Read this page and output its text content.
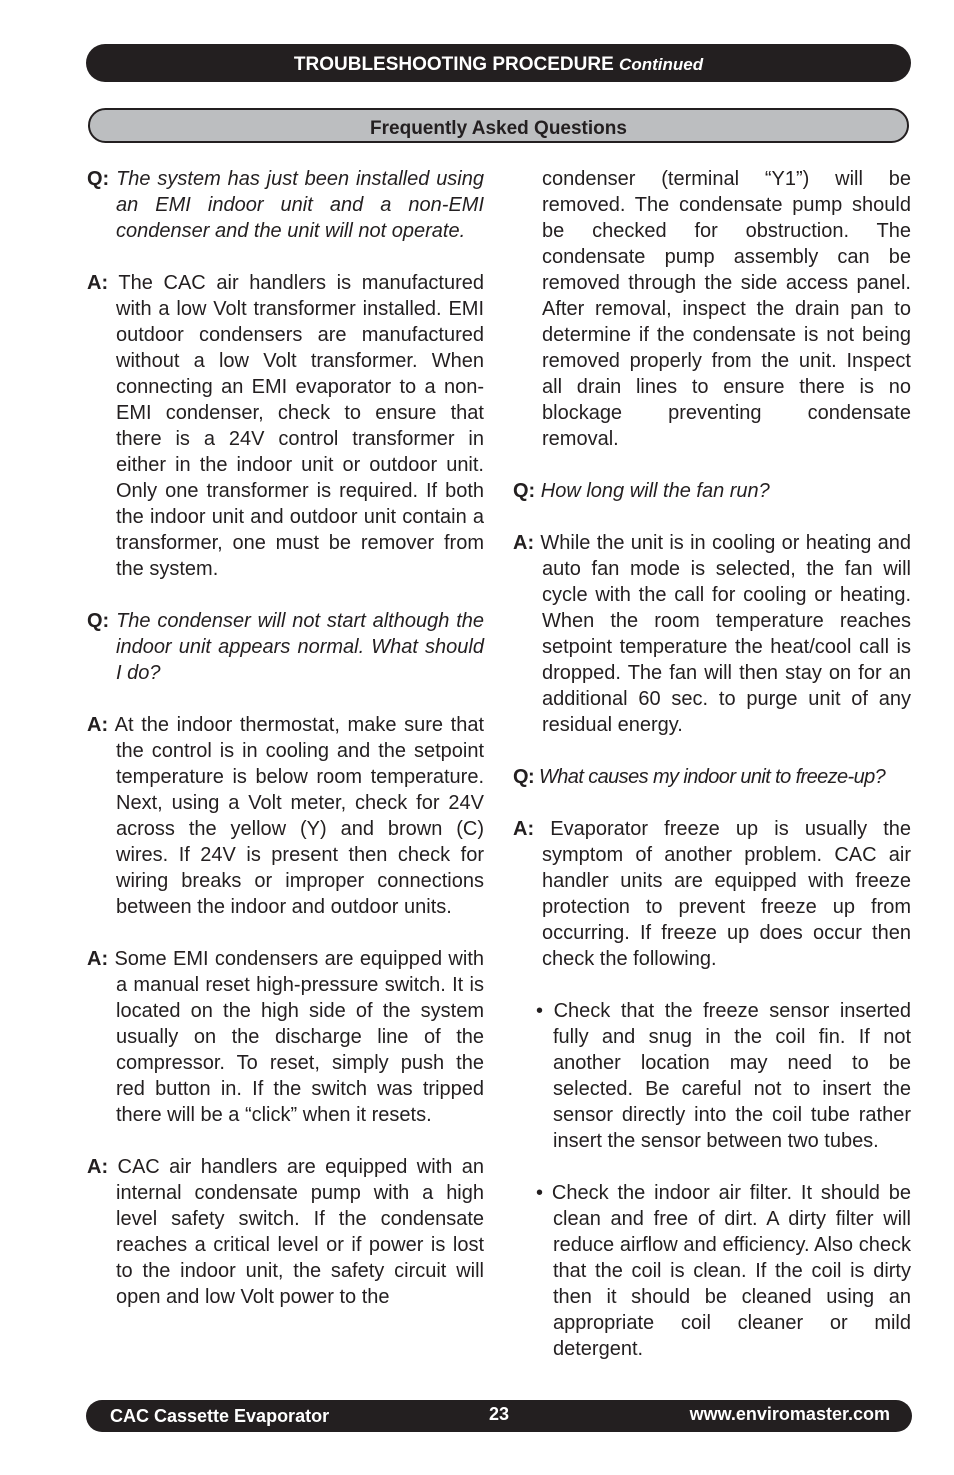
TROUBLESHOOTING PROCEDURE Continued
Frequently Asked Questions

Q: The system has just been installed using an EMI indoor unit and a non-EMI condenser and the unit will not operate.

A: The CAC air handlers is manufactured with a low Volt transformer installed. EMI outdoor condensers are manufactured without a low Volt transformer. When connecting an EMI evaporator to a non-EMI condenser, check to ensure that there is a 24V control transformer in either in the indoor unit or outdoor unit. Only one transformer is required. If both the indoor unit and outdoor unit contain a transformer, one must be remover from the system.

Q: The condenser will not start although the indoor unit appears normal. What should I do?

A: At the indoor thermostat, make sure that the control is in cooling and the setpoint temperature is below room temperature. Next, using a Volt meter, check for 24V across the yellow (Y) and brown (C) wires. If 24V is present then check for wiring breaks or improper connections between the indoor and outdoor units.

A: Some EMI condensers are equipped with a manual reset high-pressure switch. It is located on the high side of the system usually on the discharge line of the compressor. To reset, simply push the red button in. If the switch was tripped there will be a “click” when it resets.

A: CAC air handlers are equipped with an internal condensate pump with a high level safety switch. If the condensate reaches a critical level or if power is lost to the indoor unit, the safety circuit will open and low Volt power to the

condenser (terminal “Y1”) will be removed. The condensate pump should be checked for obstruction. The condensate pump assembly can be removed through the side access panel. After removal, inspect the drain pan to determine if the condensate is not being removed properly from the unit. Inspect all drain lines to ensure there is no blockage preventing condensate removal.

Q: How long will the fan run?

A: While the unit is in cooling or heating and auto fan mode is selected, the fan will cycle with the call for cooling or heating. When the room temperature reaches setpoint temperature the heat/cool call is dropped. The fan will then stay on for an additional 60 sec. to purge unit of any residual energy.

Q: What causes my indoor unit to freeze-up?

A: Evaporator freeze up is usually the symptom of another problem. CAC air handler units are equipped with freeze protection to prevent freeze up from occurring. If freeze up does occur then check the following.

• Check that the freeze sensor inserted fully and snug in the coil fin. If not another location may need to be selected. Be careful not to insert the sensor directly into the coil tube rather insert the sensor between two tubes.

• Check the indoor air filter. It should be clean and free of dirt. A dirty filter will reduce airflow and efficiency. Also check that the coil is clean. If the coil is dirty then it should be cleaned using an appropriate coil cleaner or mild detergent.

CAC Cassette Evaporator	23	www.enviromaster.com
